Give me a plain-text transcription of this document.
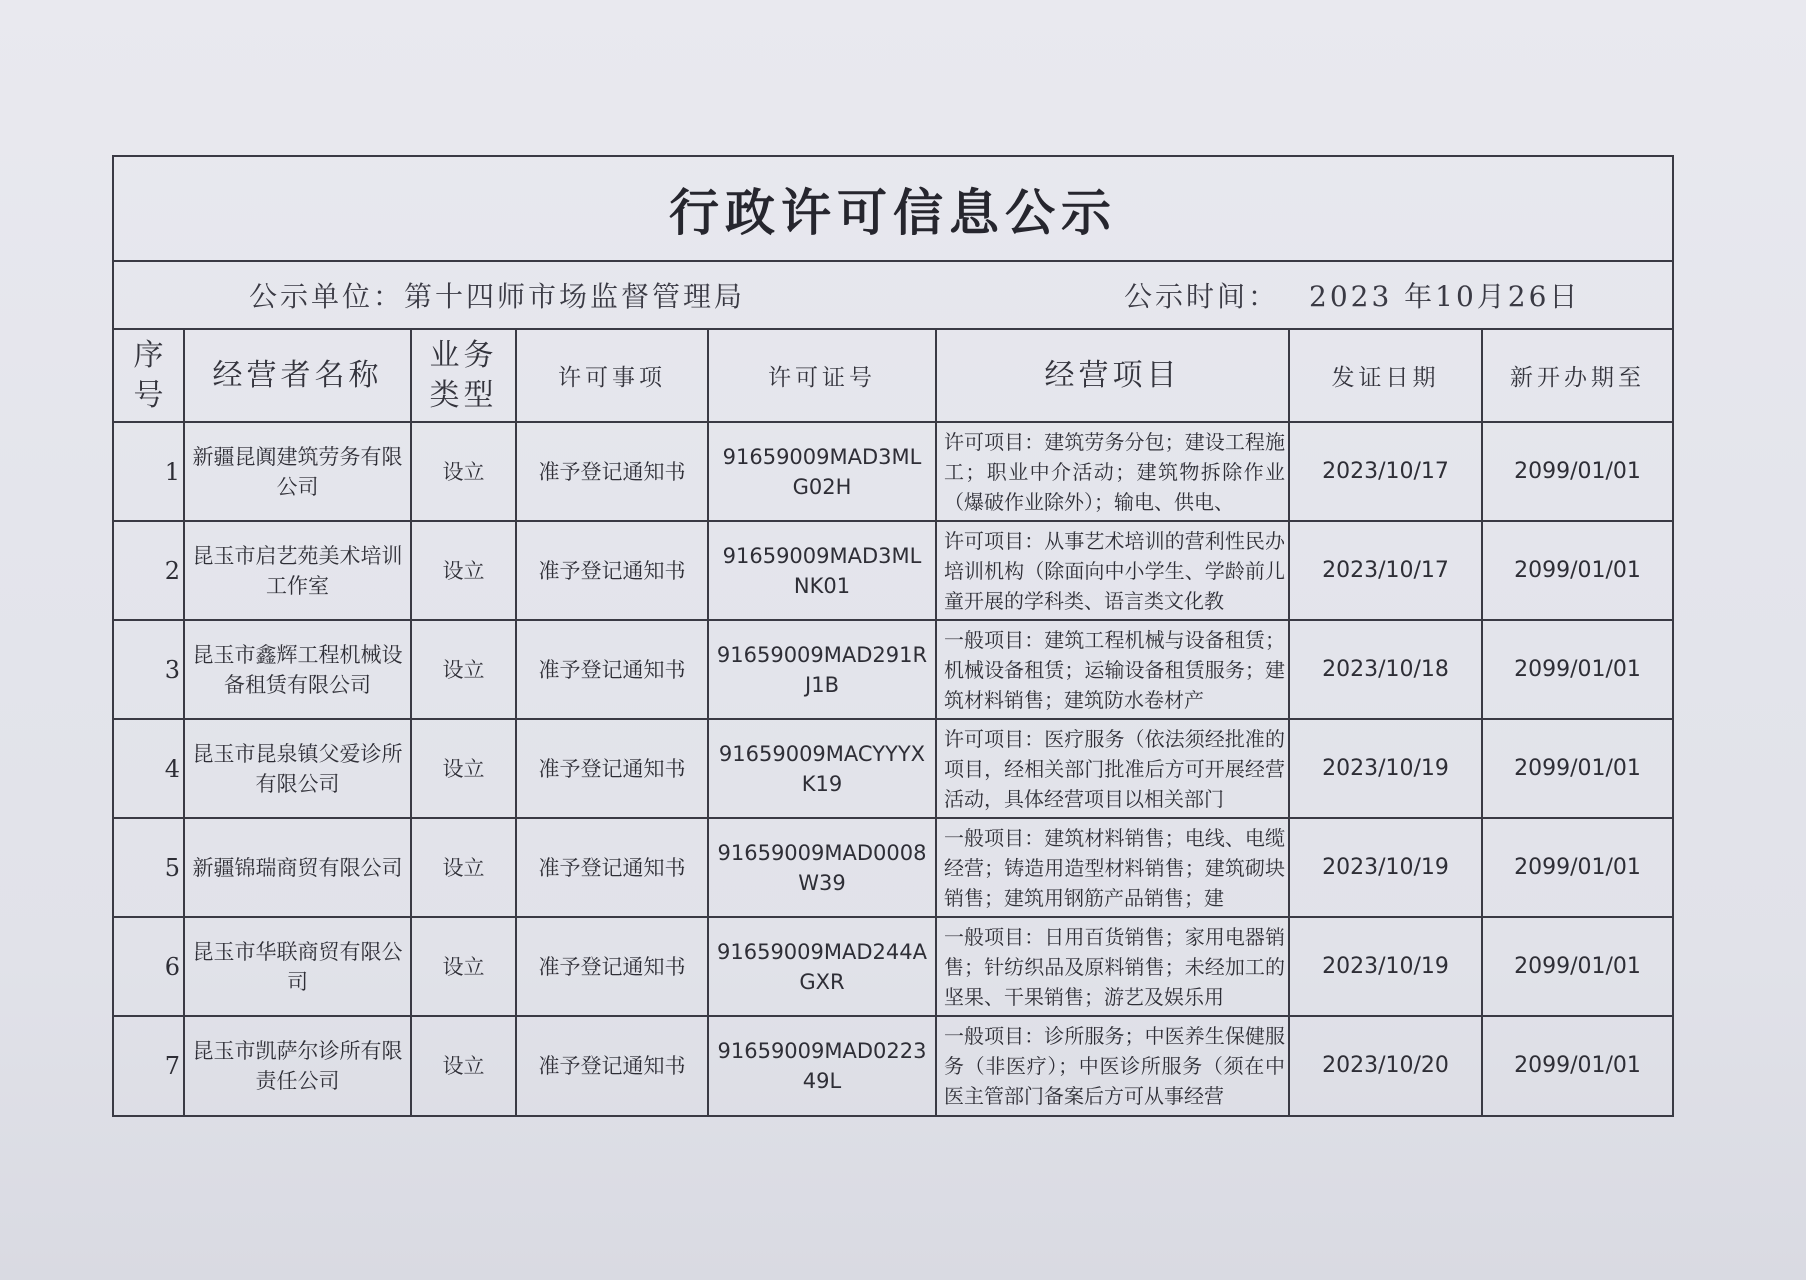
行政许可信息公示
公示单位： 第十四师市场监督管理局	公示时间： 2023 年10月26日
序号	经营者名称	业务类型	许可事项	许可证号	经营项目	发证日期	新开办期至
1	新疆昆阗建筑劳务有限公司	设立	准予登记通知书	91659009MAD3MLG02H	许可项目：建筑劳务分包；建设工程施工；职业中介活动；建筑物拆除作业（爆破作业除外）；输电、供电、	2023/10/17	2099/01/01
2	昆玉市启艺苑美术培训工作室	设立	准予登记通知书	91659009MAD3MLNK01	许可项目：从事艺术培训的营利性民办培训机构（除面向中小学生、学龄前儿童开展的学科类、语言类文化教	2023/10/17	2099/01/01
3	昆玉市鑫辉工程机械设备租赁有限公司	设立	准予登记通知书	91659009MAD291RJ1B	一般项目：建筑工程机械与设备租赁；机械设备租赁；运输设备租赁服务；建筑材料销售；建筑防水卷材产	2023/10/18	2099/01/01
4	昆玉市昆泉镇父爱诊所有限公司	设立	准予登记通知书	91659009MACYYYXK19	许可项目：医疗服务（依法须经批准的项目，经相关部门批准后方可开展经营活动，具体经营项目以相关部门	2023/10/19	2099/01/01
5	新疆锦瑞商贸有限公司	设立	准予登记通知书	91659009MAD0008W39	一般项目：建筑材料销售；电线、电缆经营；铸造用造型材料销售；建筑砌块销售；建筑用钢筋产品销售；建	2023/10/19	2099/01/01
6	昆玉市华联商贸有限公司	设立	准予登记通知书	91659009MAD244AGXR	一般项目：日用百货销售；家用电器销售；针纺织品及原料销售；未经加工的坚果、干果销售；游艺及娱乐用	2023/10/19	2099/01/01
7	昆玉市凯萨尔诊所有限责任公司	设立	准予登记通知书	91659009MAD022349L	一般项目：诊所服务；中医养生保健服务（非医疗）；中医诊所服务（须在中医主管部门备案后方可从事经营	2023/10/20	2099/01/01
